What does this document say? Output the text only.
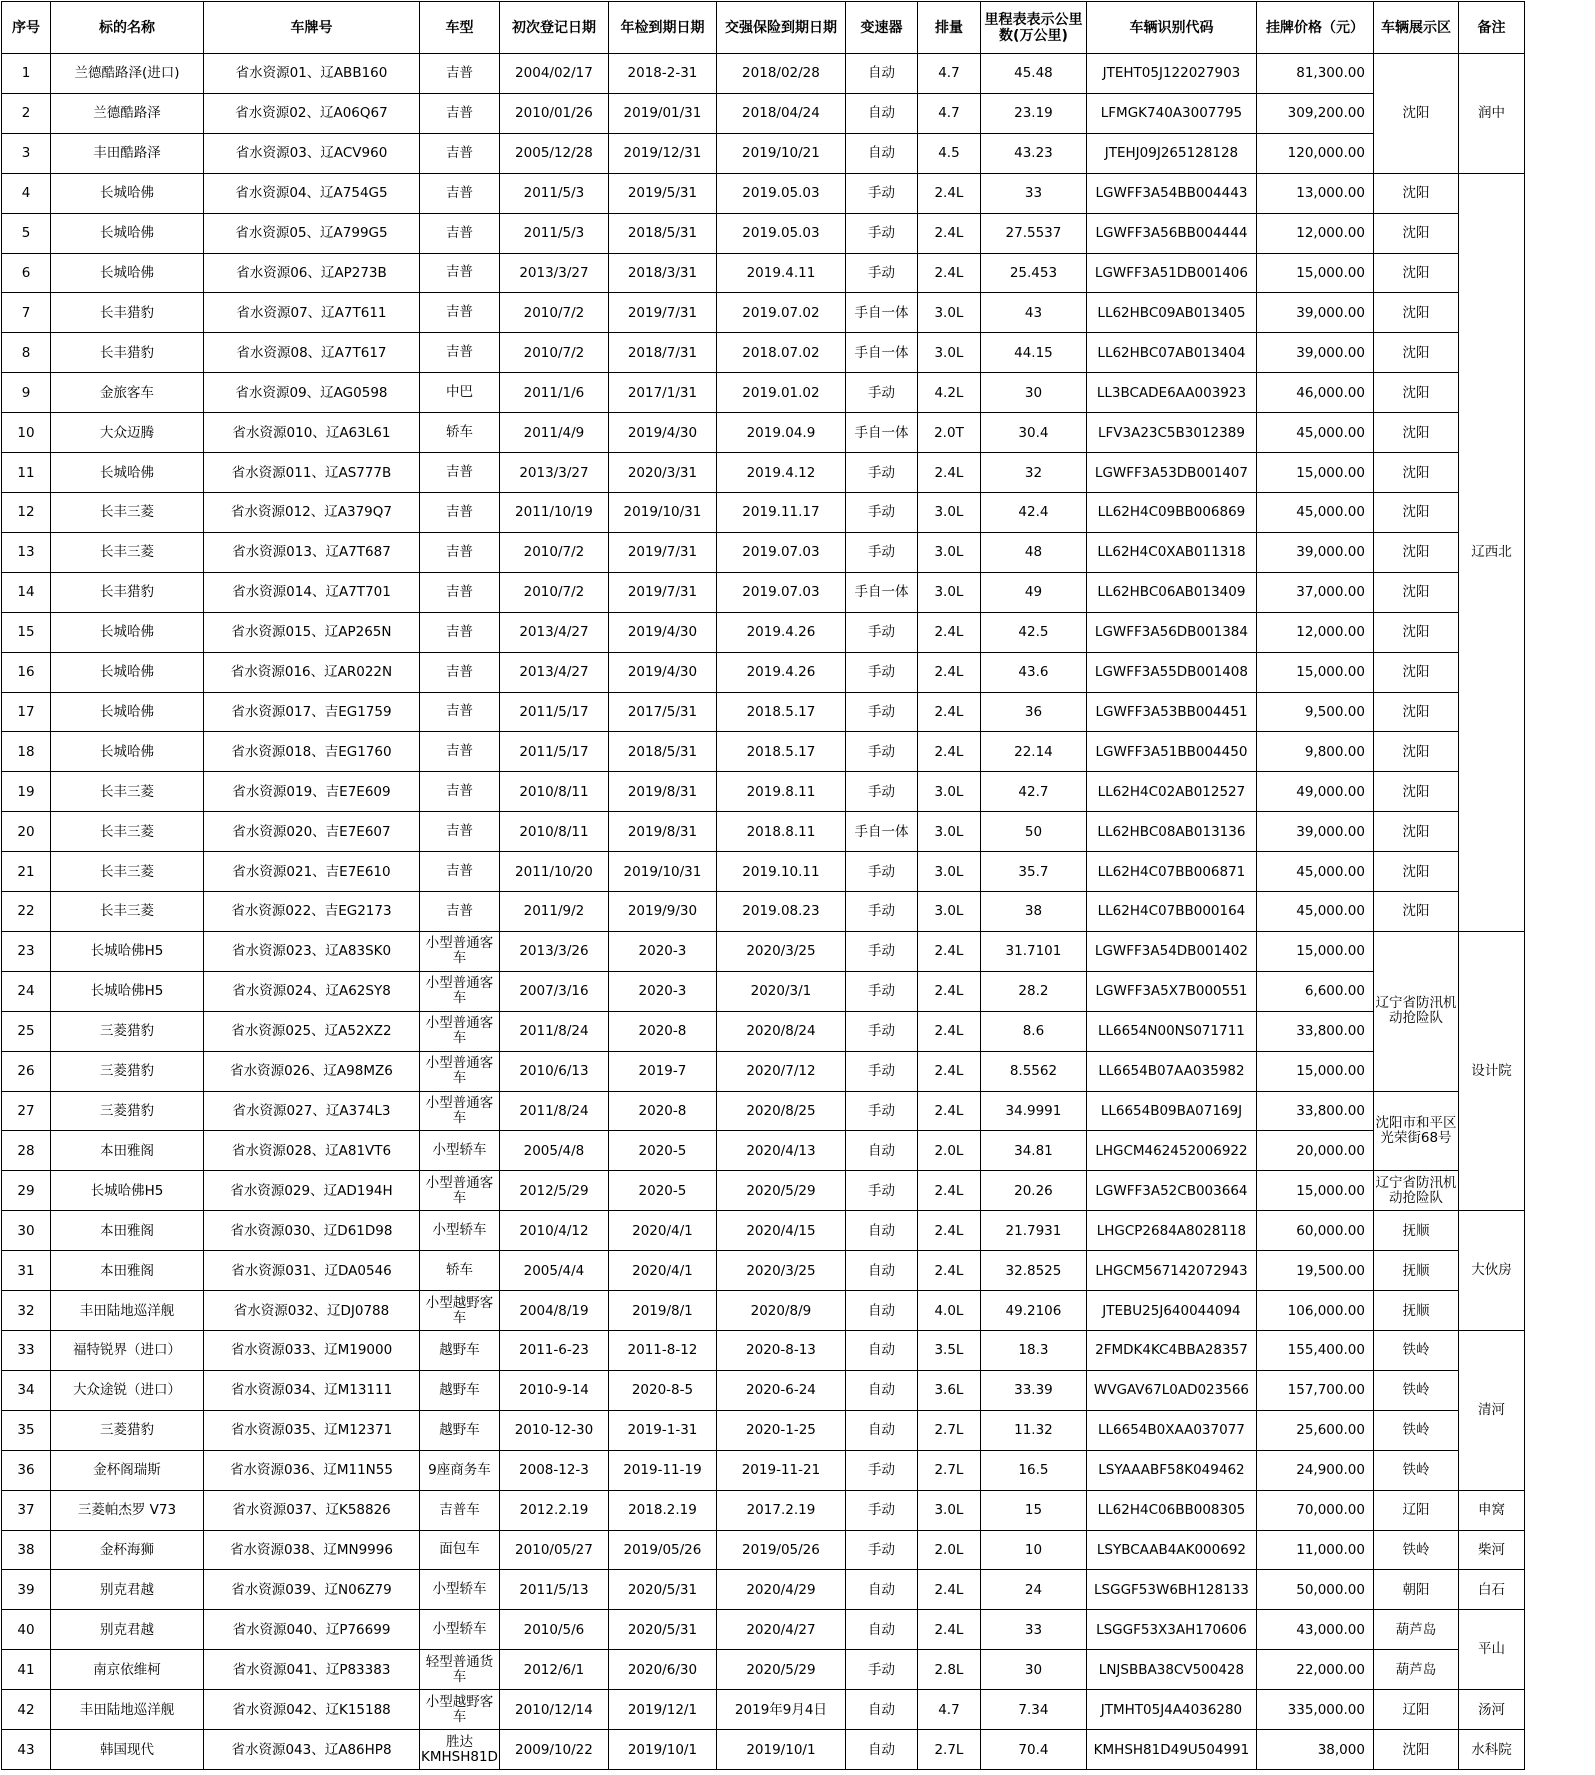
序号	标的名称	车牌号	车型	初次登记日期	年检到期日期	交强保险到期日期	变速器	排量	里程表表示公里数(万公里)	车辆识别代码	挂牌价格（元）	车辆展示区	备注
1	兰德酷路泽(进口)	省水资源01、辽ABB160	吉普	2004/02/17	2018-2-31	2018/02/28	自动	4.7	45.48	JTEHT05J122027903	81,300.00	沈阳	润中
2	兰德酷路泽	省水资源02、辽A06Q67	吉普	2010/01/26	2019/01/31	2018/04/24	自动	4.7	23.19	LFMGK740A3007795	309,200.00		
3	丰田酷路泽	省水资源03、辽ACV960	吉普	2005/12/28	2019/12/31	2019/10/21	自动	4.5	43.23	JTEHJ09J265128128	120,000.00		
4	长城哈佛	省水资源04、辽A754G5	吉普	2011/5/3	2019/5/31	2019.05.03	手动	2.4L	33	LGWFF3A54BB004443	13,000.00	沈阳	辽西北
5	长城哈佛	省水资源05、辽A799G5	吉普	2011/5/3	2018/5/31	2019.05.03	手动	2.4L	27.5537	LGWFF3A56BB004444	12,000.00	沈阳	
6	长城哈佛	省水资源06、辽AP273B	吉普	2013/3/27	2018/3/31	2019.4.11	手动	2.4L	25.453	LGWFF3A51DB001406	15,000.00	沈阳	
7	长丰猎豹	省水资源07、辽A7T611	吉普	2010/7/2	2019/7/31	2019.07.02	手自一体	3.0L	43	LL62HBC09AB013405	39,000.00	沈阳	
8	长丰猎豹	省水资源08、辽A7T617	吉普	2010/7/2	2018/7/31	2018.07.02	手自一体	3.0L	44.15	LL62HBC07AB013404	39,000.00	沈阳	
9	金旅客车	省水资源09、辽AG0598	中巴	2011/1/6	2017/1/31	2019.01.02	手动	4.2L	30	LL3BCADE6AA003923	46,000.00	沈阳	
10	大众迈腾	省水资源010、辽A63L61	轿车	2011/4/9	2019/4/30	2019.04.9	手自一体	2.0T	30.4	LFV3A23C5B3012389	45,000.00	沈阳	
11	长城哈佛	省水资源011、辽AS777B	吉普	2013/3/27	2020/3/31	2019.4.12	手动	2.4L	32	LGWFF3A53DB001407	15,000.00	沈阳	
12	长丰三菱	省水资源012、辽A379Q7	吉普	2011/10/19	2019/10/31	2019.11.17	手动	3.0L	42.4	LL62H4C09BB006869	45,000.00	沈阳	
13	长丰三菱	省水资源013、辽A7T687	吉普	2010/7/2	2019/7/31	2019.07.03	手动	3.0L	48	LL62H4C0XAB011318	39,000.00	沈阳	
14	长丰猎豹	省水资源014、辽A7T701	吉普	2010/7/2	2019/7/31	2019.07.03	手自一体	3.0L	49	LL62HBC06AB013409	37,000.00	沈阳	
15	长城哈佛	省水资源015、辽AP265N	吉普	2013/4/27	2019/4/30	2019.4.26	手动	2.4L	42.5	LGWFF3A56DB001384	12,000.00	沈阳	
16	长城哈佛	省水资源016、辽AR022N	吉普	2013/4/27	2019/4/30	2019.4.26	手动	2.4L	43.6	LGWFF3A55DB001408	15,000.00	沈阳	
17	长城哈佛	省水资源017、吉EG1759	吉普	2011/5/17	2017/5/31	2018.5.17	手动	2.4L	36	LGWFF3A53BB004451	9,500.00	沈阳	
18	长城哈佛	省水资源018、吉EG1760	吉普	2011/5/17	2018/5/31	2018.5.17	手动	2.4L	22.14	LGWFF3A51BB004450	9,800.00	沈阳	
19	长丰三菱	省水资源019、吉E7E609	吉普	2010/8/11	2019/8/31	2019.8.11	手动	3.0L	42.7	LL62H4C02AB012527	49,000.00	沈阳	
20	长丰三菱	省水资源020、吉E7E607	吉普	2010/8/11	2019/8/31	2018.8.11	手自一体	3.0L	50	LL62HBC08AB013136	39,000.00	沈阳	
21	长丰三菱	省水资源021、吉E7E610	吉普	2011/10/20	2019/10/31	2019.10.11	手动	3.0L	35.7	LL62H4C07BB006871	45,000.00	沈阳	
22	长丰三菱	省水资源022、吉EG2173	吉普	2011/9/2	2019/9/30	2019.08.23	手动	3.0L	38	LL62H4C07BB000164	45,000.00	沈阳	
23	长城哈佛H5	省水资源023、辽A83SK0	小型普通客车	2013/3/26	2020-3	2020/3/25	手动	2.4L	31.7101	LGWFF3A54DB001402	15,000.00	辽宁省防汛机动抢险队	设计院
24	长城哈佛H5	省水资源024、辽A62SY8	小型普通客车	2007/3/16	2020-3	2020/3/1	手动	2.4L	28.2	LGWFF3A5X7B000551	6,600.00		
25	三菱猎豹	省水资源025、辽A52XZ2	小型普通客车	2011/8/24	2020-8	2020/8/24	手动	2.4L	8.6	LL6654N00NS071711	33,800.00		
26	三菱猎豹	省水资源026、辽A98MZ6	小型普通客车	2010/6/13	2019-7	2020/7/12	手动	2.4L	8.5562	LL6654B07AA035982	15,000.00		
27	三菱猎豹	省水资源027、辽A374L3	小型普通客车	2011/8/24	2020-8	2020/8/25	手动	2.4L	34.9991	LL6654B09BA07169J	33,800.00	沈阳市和平区光荣街68号	
28	本田雅阁	省水资源028、辽A81VT6	小型轿车	2005/4/8	2020-5	2020/4/13	自动	2.0L	34.81	LHGCM462452006922	20,000.00		
29	长城哈佛H5	省水资源029、辽AD194H	小型普通客车	2012/5/29	2020-5	2020/5/29	手动	2.4L	20.26	LGWFF3A52CB003664	15,000.00	辽宁省防汛机动抢险队	
30	本田雅阁	省水资源030、辽D61D98	小型轿车	2010/4/12	2020/4/1	2020/4/15	自动	2.4L	21.7931	LHGCP2684A8028118	60,000.00	抚顺	大伙房
31	本田雅阁	省水资源031、辽DA0546	轿车	2005/4/4	2020/4/1	2020/3/25	自动	2.4L	32.8525	LHGCM567142072943	19,500.00	抚顺	
32	丰田陆地巡洋舰	省水资源032、辽DJ0788	小型越野客车	2004/8/19	2019/8/1	2020/8/9	自动	4.0L	49.2106	JTEBU25J640044094	106,000.00	抚顺	
33	福特锐界（进口）	省水资源033、辽M19000	越野车	2011-6-23	2011-8-12	2020-8-13	自动	3.5L	18.3	2FMDK4KC4BBA28357	155,400.00	铁岭	清河
34	大众途锐（进口）	省水资源034、辽M13111	越野车	2010-9-14	2020-8-5	2020-6-24	自动	3.6L	33.39	WVGAV67L0AD023566	157,700.00	铁岭	
35	三菱猎豹	省水资源035、辽M12371	越野车	2010-12-30	2019-1-31	2020-1-25	自动	2.7L	11.32	LL6654B0XAA037077	25,600.00	铁岭	
36	金杯阁瑞斯	省水资源036、辽M11N55	9座商务车	2008-12-3	2019-11-19	2019-11-21	手动	2.7L	16.5	LSYAAABF58K049462	24,900.00	铁岭	
37	三菱帕杰罗 V73	省水资源037、辽K58826	吉普车	2012.2.19	2018.2.19	2017.2.19	手动	3.0L	15	LL62H4C06BB008305	70,000.00	辽阳	申窝
38	金杯海狮	省水资源038、辽MN9996	面包车	2010/05/27	2019/05/26	2019/05/26	手动	2.0L	10	LSYBCAAB4AK000692	11,000.00	铁岭	柴河
39	别克君越	省水资源039、辽N06Z79	小型轿车	2011/5/13	2020/5/31	2020/4/29	自动	2.4L	24	LSGGF53W6BH128133	50,000.00	朝阳	白石
40	别克君越	省水资源040、辽P76699	小型轿车	2010/5/6	2020/5/31	2020/4/27	自动	2.4L	33	LSGGF53X3AH170606	43,000.00	葫芦岛	平山
41	南京依维柯	省水资源041、辽P83383	轻型普通货车	2012/6/1	2020/6/30	2020/5/29	手动	2.8L	30	LNJSBBA38CV500428	22,000.00	葫芦岛	
42	丰田陆地巡洋舰	省水资源042、辽K15188	小型越野客车	2010/12/14	2019/12/1	2019年9月4日	自动	4.7	7.34	JTMHT05J4A4036280	335,000.00	辽阳	汤河
43	韩国现代	省水资源043、辽A86HP8	胜达KMHSH81D	2009/10/22	2019/10/1	2019/10/1	自动	2.7L	70.4	KMHSH81D49U504991	38,000	沈阳	水科院
